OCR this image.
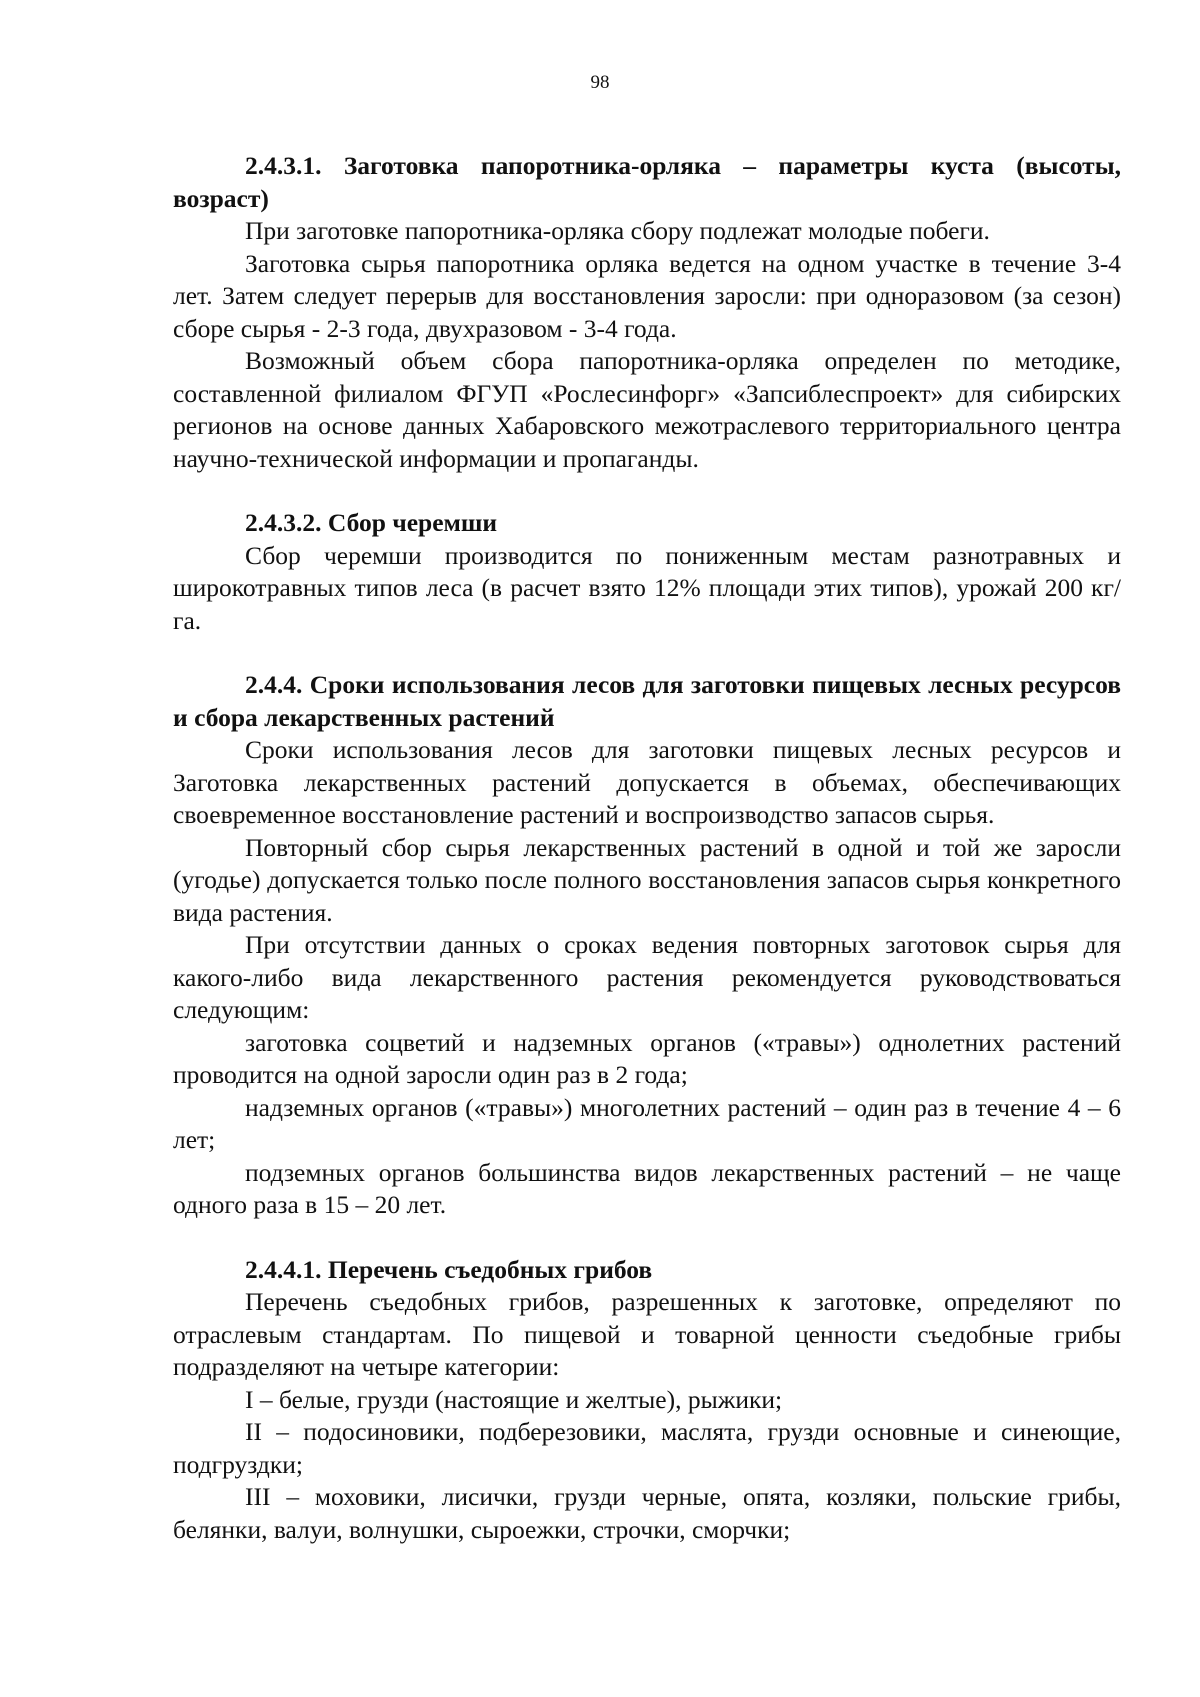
98

2.4.3.1. Заготовка папоротника-орляка – параметры куста (высоты, возраст)

При заготовке папоротника-орляка сбору подлежат молодые побеги.

Заготовка сырья папоротника орляка ведется на одном участке в течение 3-4 лет. Затем следует перерыв для восстановления заросли: при одноразовом (за сезон) сборе сырья - 2-3 года, двухразовом - 3-4 года.

Возможный объем сбора папоротника-орляка определен по методике, составленной филиалом ФГУП «Рослесинфорг» «Запсиблеспроект» для сибирских регионов на основе данных Хабаровского межотраслевого территориального центра научно-технической информации и пропаганды.

2.4.3.2. Сбор черемши

Сбор черемши производится по пониженным местам разнотравных и широкотравных типов леса (в расчет взято 12% площади этих типов), урожай 200 кг/га.

2.4.4. Сроки использования лесов для заготовки пищевых лесных ресурсов и сбора лекарственных растений

Сроки использования лесов для заготовки пищевых лесных ресурсов и Заготовка лекарственных растений допускается в объемах, обеспечивающих своевременное восстановление растений и воспроизводство запасов сырья.

Повторный сбор сырья лекарственных растений в одной и той же заросли (угодье) допускается только после полного восстановления запасов сырья конкретного вида растения.

При отсутствии данных о сроках ведения повторных заготовок сырья для какого-либо вида лекарственного растения рекомендуется руководствоваться следующим:

заготовка соцветий и надземных органов («травы») однолетних растений проводится на одной заросли один раз в 2 года;

надземных органов («травы») многолетних растений – один раз в течение 4 – 6 лет;

подземных органов большинства видов лекарственных растений – не чаще одного раза в 15 – 20 лет.

2.4.4.1. Перечень съедобных грибов

Перечень съедобных грибов, разрешенных к заготовке, определяют по отраслевым стандартам. По пищевой и товарной ценности съедобные грибы подразделяют на четыре категории:

I – белые, грузди (настоящие и желтые), рыжики;

II – подосиновики, подберезовики, маслята, грузди основные и синеющие, подгруздки;

III – моховики, лисички, грузди черные, опята, козляки, польские грибы, белянки, валуи, волнушки, сыроежки, строчки, сморчки;
